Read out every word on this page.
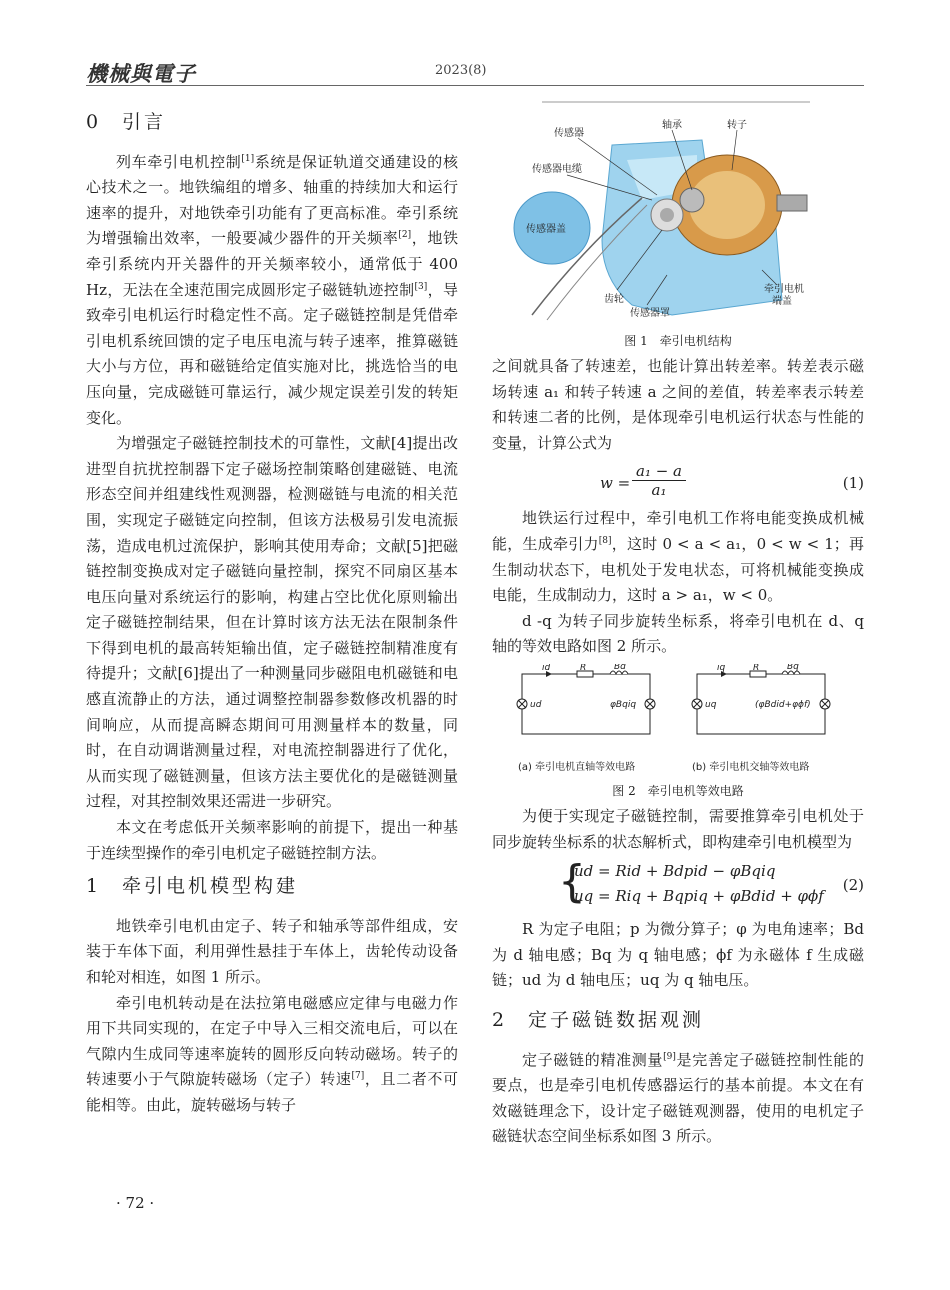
機械與電子	2023(8)
0 引言

列车牵引电机控制[1]系统是保证轨道交通建设的核心技术之一。地铁编组的增多、轴重的持续加大和运行速率的提升，对地铁牵引功能有了更高标准。牵引系统为增强输出效率，一般要减少器件的开关频率[2]，地铁牵引系统内开关器件的开关频率较小，通常低于 400 Hz，无法在全速范围完成圆形定子磁链轨迹控制[3]，导致牵引电机运行时稳定性不高。定子磁链控制是凭借牵引电机系统回馈的定子电压电流与转子速率，推算磁链大小与方位，再和磁链给定值实施对比，挑选恰当的电压向量，完成磁链可靠运行，减少规定误差引发的转矩变化。

为增强定子磁链控制技术的可靠性，文献[4]提出改进型自抗扰控制器下定子磁场控制策略创建磁链、电流形态空间并组建线性观测器，检测磁链与电流的相关范围，实现定子磁链定向控制，但该方法极易引发电流振荡，造成电机过流保护，影响其使用寿命；文献[5]把磁链控制变换成对定子磁链向量控制，探究不同扇区基本电压向量对系统运行的影响，构建占空比优化原则输出定子磁链控制结果，但在计算时该方法无法在限制条件下得到电机的最高转矩输出值，定子磁链控制精准度有待提升；文献[6]提出了一种测量同步磁阻电机磁链和电感直流静止的方法，通过调整控制器参数修改机器的时间响应，从而提高瞬态期间可用测量样本的数量，同时，在自动调谐测量过程，对电流控制器进行了优化，从而实现了磁链测量，但该方法主要优化的是磁链测量过程，对其控制效果还需进一步研究。

本文在考虑低开关频率影响的前提下，提出一种基于连续型操作的牵引电机定子磁链控制方法。

1 牵引电机模型构建

地铁牵引电机由定子、转子和轴承等部件组成，安装于车体下面，利用弹性悬挂于车体上，齿轮传动设备和轮对相连，如图 1 所示。

牵引电机转动是在法拉第电磁感应定律与电磁力作用下共同实现的，在定子中导入三相交流电后，可以在气隙内生成同等速率旋转的圆形反向转动磁场。转子的转速要小于气隙旋转磁场（定子）转速[7]，且二者不可能相等。由此，旋转磁场与转子

传感器
轴承	转子
传感器电缆
传感器盖
齿轮
传感器罩
牵引电机
端盖
图 1　牵引电机结构

之间就具备了转速差，也能计算出转差率。转差表示磁场转速 a₁ 和转子转速 a 之间的差值，转差率表示转差和转速二者的比例，是体现牵引电机运行状态与性能的变量，计算公式为

$w = \frac{\text{a₁ − a}}{\text{a₁}}$	(1)

地铁运行过程中，牵引电机工作将电能变换成机械能，生成牵引力[8]，这时 0 < a < a₁，0 < w < 1；再生制动状态下，电机处于发电状态，可将机械能变换成电能，生成制动力，这时 a > a₁，w < 0。

d -q 为转子同步旋转坐标系，将牵引电机在 d、q 轴的等效电路如图 2 所示。

id	R	Bd
ud	φBqiq
iq	R	Bq
uq	(φBdid+φϕf)
(a) 牵引电机直轴等效电路	(b) 牵引电机交轴等效电路
图 2　牵引电机等效电路

为便于实现定子磁链控制，需要推算牵引电机处于同步旋转坐标系的状态解析式，即构建牵引电机模型为

{
ud = Rid + Bdpid − φBqiq
uq = Riq + Bqpiq + φBdid + φϕf
(2)

R 为定子电阻；p 为微分算子；φ 为电角速率；Bd 为 d 轴电感；Bq 为 q 轴电感；ϕf 为永磁体 f 生成磁链；ud 为 d 轴电压；uq 为 q 轴电压。

2 定子磁链数据观测

定子磁链的精准测量[9]是完善定子磁链控制性能的要点，也是牵引电机传感器运行的基本前提。本文在有效磁链理念下，设计定子磁链观测器，使用的电机定子磁链状态空间坐标系如图 3 所示。

· 72 ·
